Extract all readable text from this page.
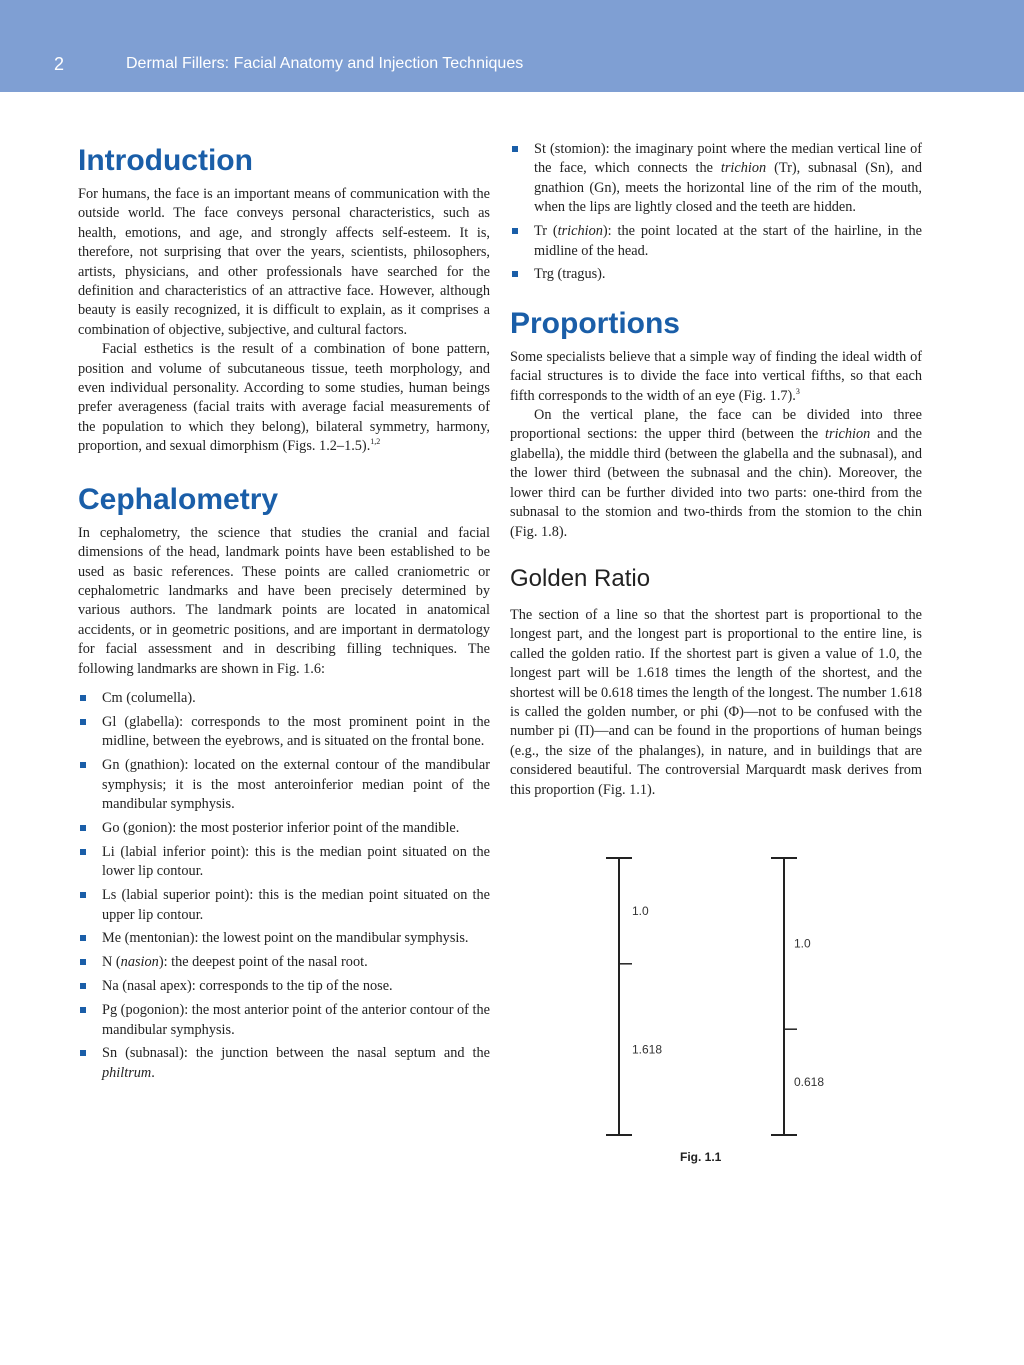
2	Dermal Fillers: Facial Anatomy and Injection Techniques
Introduction

For humans, the face is an important means of communication with the outside world. The face conveys personal characteristics, such as health, emotions, and age, and strongly affects self-esteem. It is, therefore, not surprising that over the years, scientists, philosophers, artists, physicians, and other professionals have searched for the definition and characteristics of an attractive face. However, although beauty is easily recognized, it is difficult to explain, as it comprises a combination of objective, subjective, and cultural factors.

Facial esthetics is the result of a combination of bone pattern, position and volume of subcutaneous tissue, teeth morphology, and even individual personality. According to some studies, human beings prefer averageness (facial traits with average facial measurements of the population to which they belong), bilateral symmetry, harmony, proportion, and sexual dimorphism (Figs. 1.2–1.5).$^{1,2}$

Cephalometry

In cephalometry, the science that studies the cranial and facial dimensions of the head, landmark points have been established to be used as basic references. These points are called craniometric or cephalometric landmarks and have been precisely determined by various authors. The landmark points are located in anatomical accidents, or in geometric positions, and are important in dermatology for facial assessment and in describing filling techniques. The following landmarks are shown in Fig. 1.6:

Cm (columella).
Gl (glabella): corresponds to the most prominent point in the midline, between the eyebrows, and is situated on the frontal bone.
Gn (gnathion): located on the external contour of the mandibular symphysis; it is the most anteroinferior median point of the mandibular symphysis.
Go (gonion): the most posterior inferior point of the mandible.
Li (labial inferior point): this is the median point situated on the lower lip contour.
Ls (labial superior point): this is the median point situated on the upper lip contour.
Me (mentonian): the lowest point on the mandibular symphysis.
N (nasion): the deepest point of the nasal root.
Na (nasal apex): corresponds to the tip of the nose.
Pg (pogonion): the most anterior point of the anterior contour of the mandibular symphysis.
Sn (subnasal): the junction between the nasal septum and the philtrum.
St (stomion): the imaginary point where the median vertical line of the face, which connects the trichion (Tr), subnasal (Sn), and gnathion (Gn), meets the horizontal line of the rim of the mouth, when the lips are lightly closed and the teeth are hidden.
Tr (trichion): the point located at the start of the hairline, in the midline of the head.
Trg (tragus).
Proportions

Some specialists believe that a simple way of finding the ideal width of facial structures is to divide the face into vertical fifths, so that each fifth corresponds to the width of an eye (Fig. 1.7).$^3$

On the vertical plane, the face can be divided into three proportional sections: the upper third (between the trichion and the glabella), the middle third (between the glabella and the subnasal), and the lower third (between the subnasal and the chin). Moreover, the lower third can be further divided into two parts: one-third from the subnasal to the stomion and two-thirds from the stomion to the chin (Fig. 1.8).

Golden Ratio

The section of a line so that the shortest part is proportional to the longest part, and the longest part is proportional to the entire line, is called the golden ratio. If the shortest part is given a value of 1.0, the longest part will be 1.618 times the length of the shortest, and the shortest will be 0.618 times the length of the longest. The number 1.618 is called the golden number, or phi (Φ)—not to be confused with the number pi (Π)—and can be found in the proportions of human beings (e.g., the size of the phalanges), in nature, and in buildings that are considered beautiful. The controversial Marquardt mask derives from this proportion (Fig. 1.1).

1.0
1.618
1.0
0.618
Fig. 1.1
